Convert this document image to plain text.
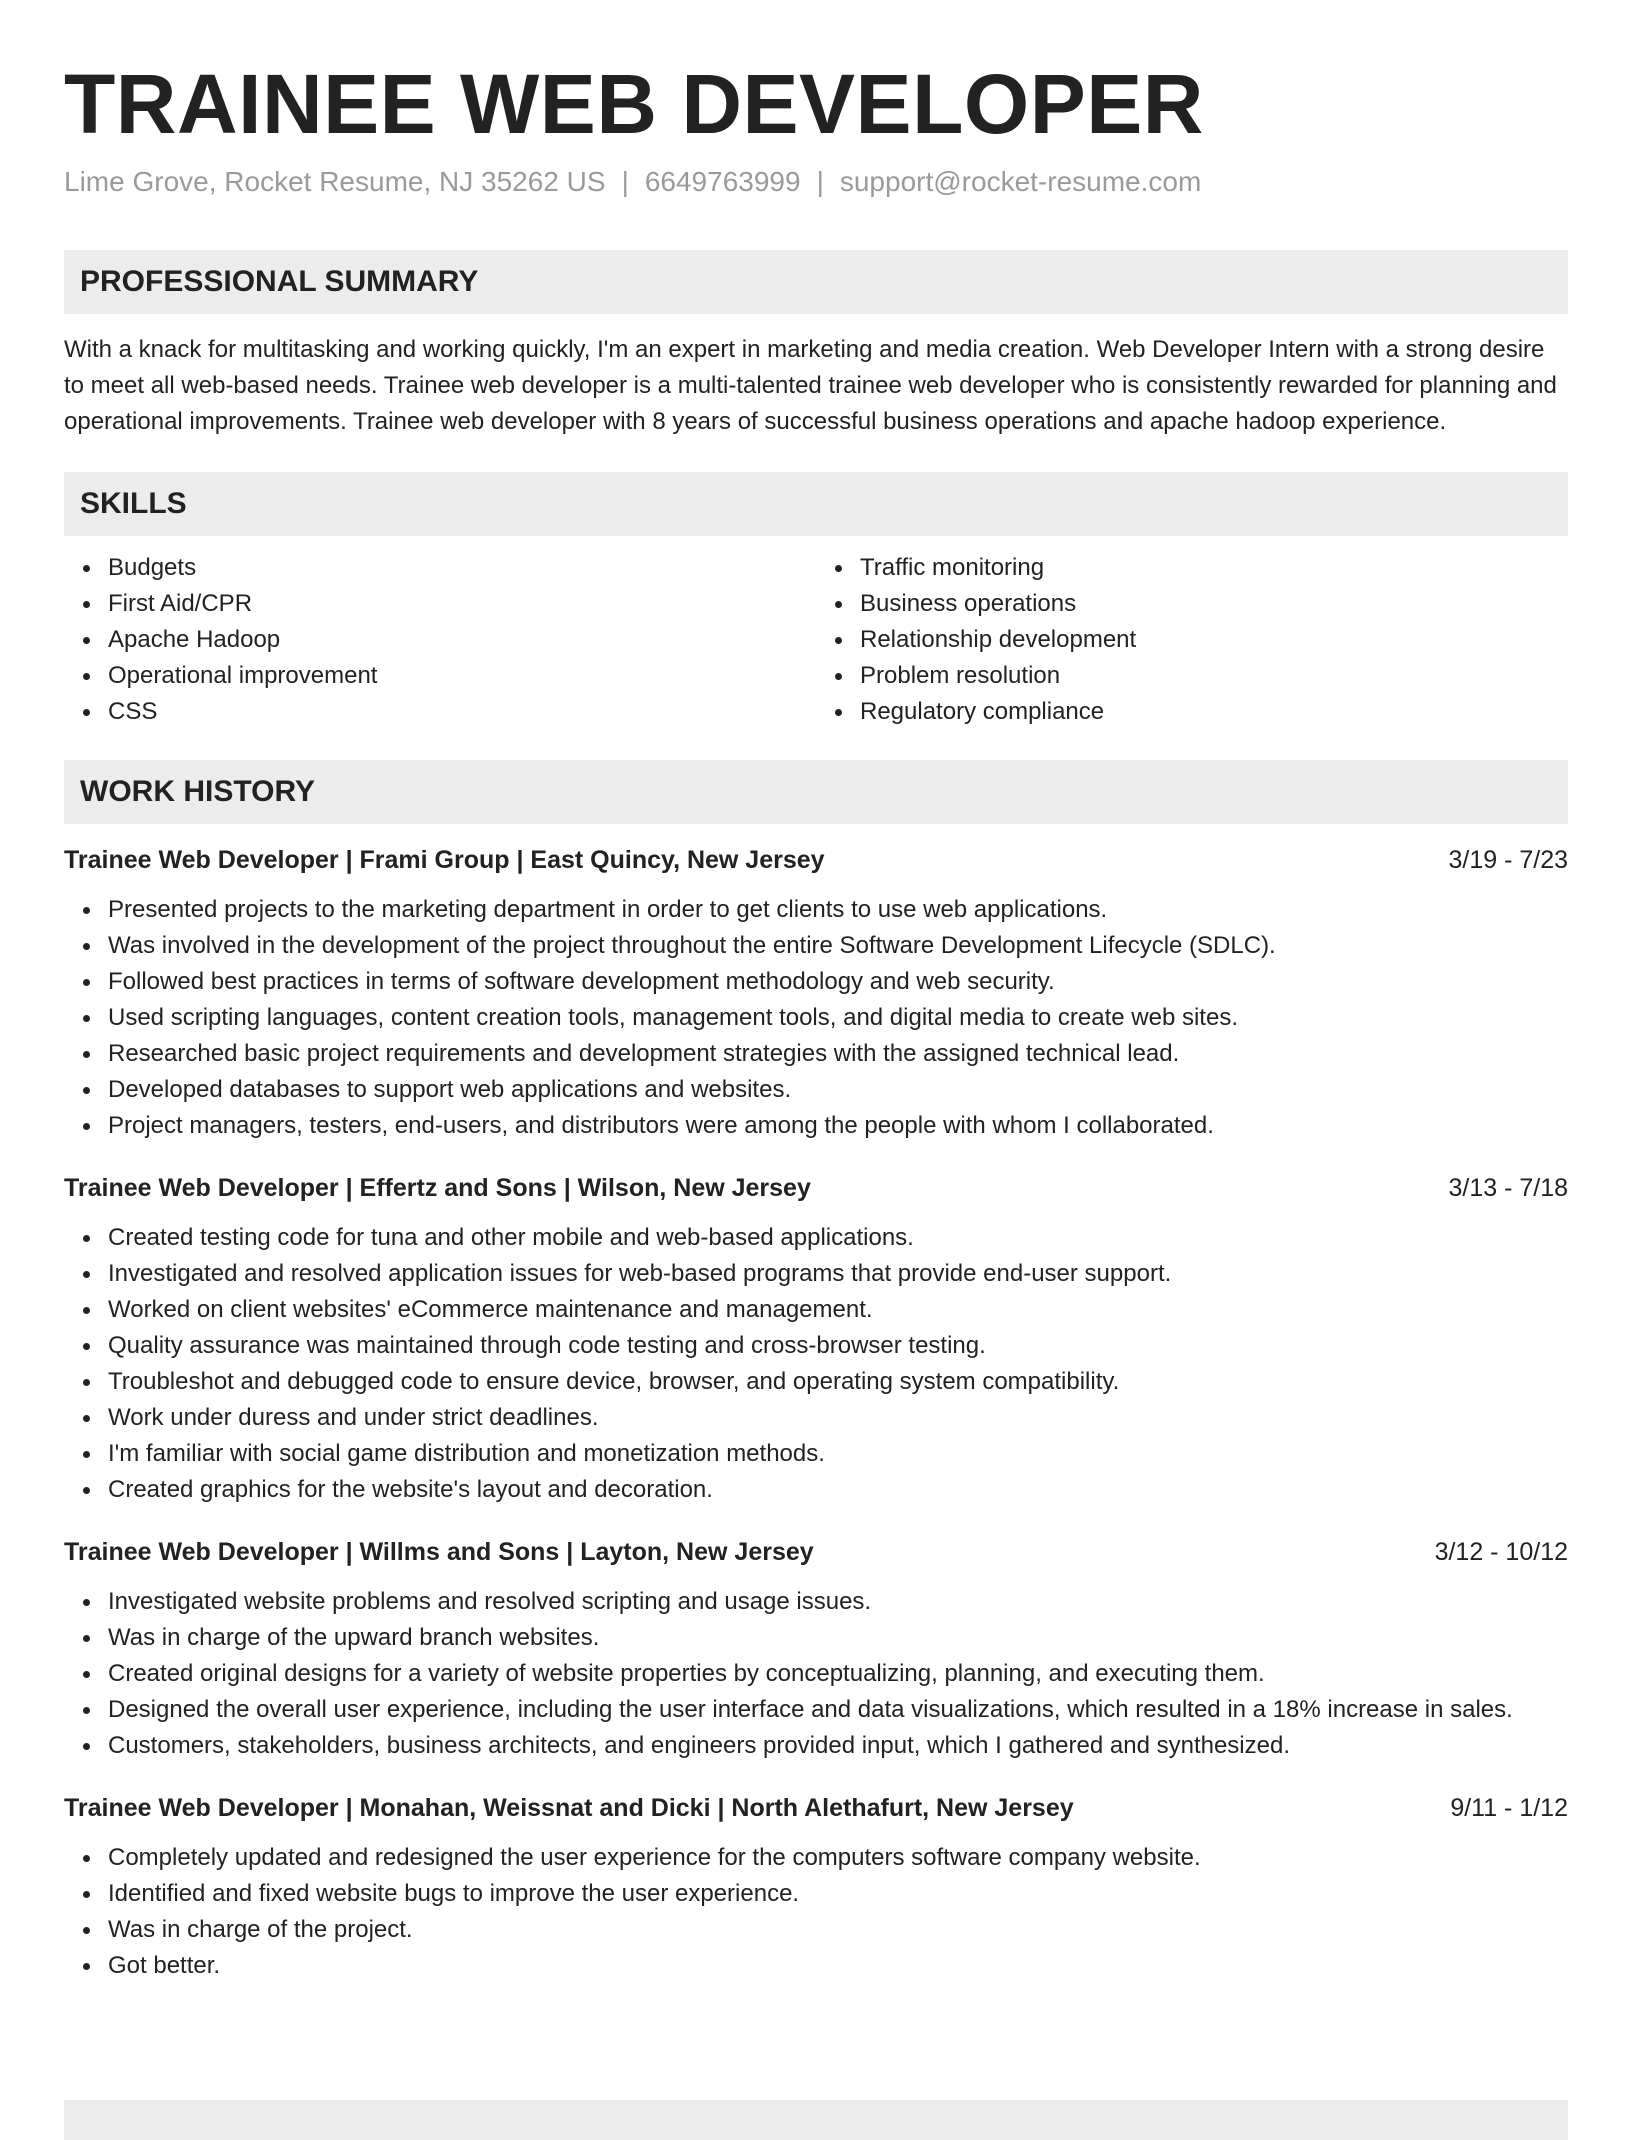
TRAINEE WEB DEVELOPER
Lime Grove, Rocket Resume, NJ 35262 US | 6649763999 | support@rocket-resume.com
PROFESSIONAL SUMMARY
With a knack for multitasking and working quickly, I'm an expert in marketing and media creation. Web Developer Intern with a strong desire to meet all web-based needs. Trainee web developer is a multi-talented trainee web developer who is consistently rewarded for planning and operational improvements. Trainee web developer with 8 years of successful business operations and apache hadoop experience.
SKILLS
Budgets
First Aid/CPR
Apache Hadoop
Operational improvement
CSS
Traffic monitoring
Business operations
Relationship development
Problem resolution
Regulatory compliance
WORK HISTORY
Trainee Web Developer | Frami Group | East Quincy, New Jersey	3/19 - 7/23
Presented projects to the marketing department in order to get clients to use web applications.
Was involved in the development of the project throughout the entire Software Development Lifecycle (SDLC).
Followed best practices in terms of software development methodology and web security.
Used scripting languages, content creation tools, management tools, and digital media to create web sites.
Researched basic project requirements and development strategies with the assigned technical lead.
Developed databases to support web applications and websites.
Project managers, testers, end-users, and distributors were among the people with whom I collaborated.
Trainee Web Developer | Effertz and Sons | Wilson, New Jersey	3/13 - 7/18
Created testing code for tuna and other mobile and web-based applications.
Investigated and resolved application issues for web-based programs that provide end-user support.
Worked on client websites' eCommerce maintenance and management.
Quality assurance was maintained through code testing and cross-browser testing.
Troubleshot and debugged code to ensure device, browser, and operating system compatibility.
Work under duress and under strict deadlines.
I'm familiar with social game distribution and monetization methods.
Created graphics for the website's layout and decoration.
Trainee Web Developer | Willms and Sons | Layton, New Jersey	3/12 - 10/12
Investigated website problems and resolved scripting and usage issues.
Was in charge of the upward branch websites.
Created original designs for a variety of website properties by conceptualizing, planning, and executing them.
Designed the overall user experience, including the user interface and data visualizations, which resulted in a 18% increase in sales.
Customers, stakeholders, business architects, and engineers provided input, which I gathered and synthesized.
Trainee Web Developer | Monahan, Weissnat and Dicki | North Alethafurt, New Jersey	9/11 - 1/12
Completely updated and redesigned the user experience for the computers software company website.
Identified and fixed website bugs to improve the user experience.
Was in charge of the project.
Got better.
